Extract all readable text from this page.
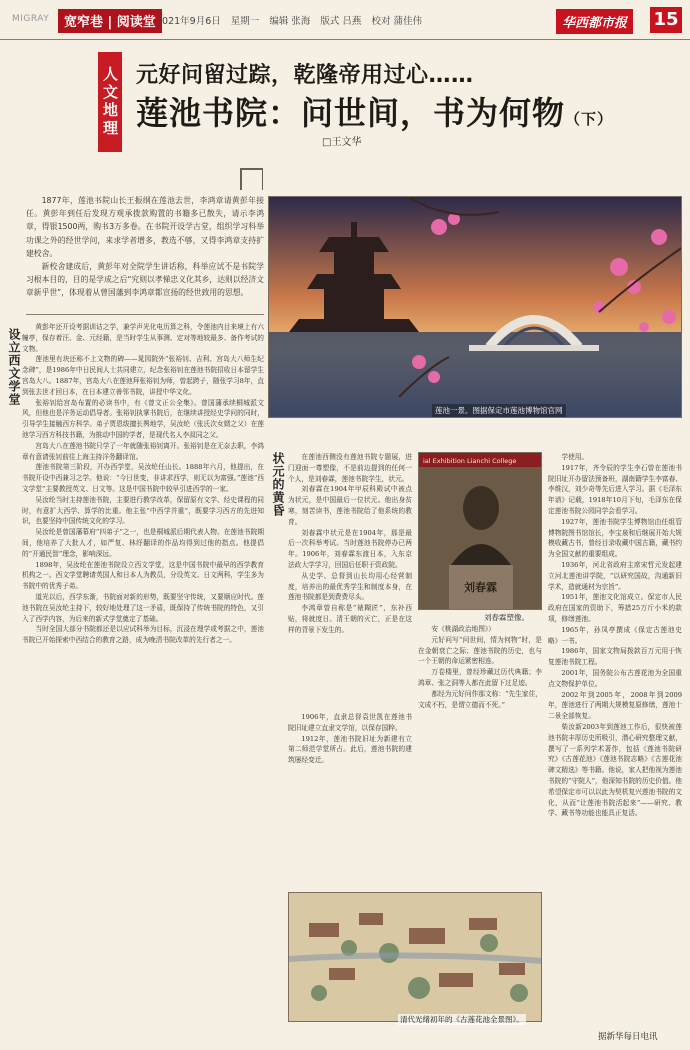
MIGRAY	宽窄巷 | 阅读堂 2021年9月6日 星期一 编辑 张海 版式 吕燕 校对 蒲佳伟	华西都市报	15
人文地理 元好问留过踪，乾隆帝用过心……
莲池书院：问世间，书为何物（下）
□王文华

1877年，莲池书院山长王振纲在莲池去世，李鸿章请黄彭年接任。黄彭年到任后发现方观承拨款购置的书籍多已散失，请示李鸿章，得银1500两，购书3万多卷。在书院开设学古堂，组织学习科举功课之外的经世学问，来求学者增多，教选不够，又得李鸿章支持扩建校舍。

新校舍建成后，黄彭年对全院学生讲话称，科举应试不是书院学习根本目的，目的是学成之后“究则以孝悌忠义化其乡，达则以经济文章新乎世”，体现着从曾国藩到李鸿章都宣扬的经世致用的思想。

设立西文学堂
状元的黄昏

黄彭年还开设考据训诂之学，兼学声光化电历算之科，令莲池内目来境上有六幢亭，保存着汪、金、元经籍，是当时学生从事测、定对等地较最多、备作考试的文物。

莲池里有块还称不上文物的碑——晁园院外“张裕钊、吉利、宫岛大八师生纪念碑”，是1986年中日民间人士共同建立，纪念张裕钊在莲池书院招收日本留学生宫岛大八。1887年，宫岛大八在莲池拜张裕钊为师，曾起跨子，随张学习8年，直到张去世才回日本，在日本建立善邻书院，讲授中华文化。

张裕钊给宫岛布置的必读书中，有《曾文正公全集》。曾国藩承续桐城派文风，但他也是洋务运动倡导者。张裕钊执掌书院后，在继续讲授经史学问的同时，引导学生接触西方科学。弟子贾恩绂擅长舆地学，吴汝纶（张氏次女婿之父）在莲池学习西方科技书籍，为推动中国的学者，是现代名人李叔同之父。

宫岛大八在莲池书院只学了一年就随张裕钊离开。张裕钊是在无奈去职，李鸿章有意请张钊前往上海主持洋务翻译馆。

莲池书院第三阶段，开办西学堂，吴汝纶任山长。1888年六月，他提出，在书院开设中西兼习之学。他说：“今日世变，非讲求西学，则无以为富强。”莲池“西文学堂”主要教授英文、日文等。这是中国书院中较早引进西学的一家。

吴汝纶当时主持莲池书院，主要进行教学改革，保留原有文学、经史课程的同时，有意扩大西学、算学的比重。他主张“中西学并重”，既要学习西方的先进知识，也要坚持中国传统文化的学习。

吴汝纶是曾国藩幕府“四弟子”之一，也是桐城派后期代表人物。在莲池书院期间，他培养了大批人才，如严复、林纾翻译的作品均得到过他的指点。他提倡的“开通民智”理念，影响深远。

1898年，吴汝纶在莲池书院设立西文学堂，这是中国书院中最早的西学教育机构之一。西文学堂聘请英国人和日本人为教员，分设英文、日文两科，学生多为书院中的优秀子弟。

道光以后，西学东渐，书院面对新的形势，既要坚守传统，又要顺应时代。莲池书院在吴汝纶主持下，较好地处理了这一矛盾，既保持了传统书院的特色，又引入了西学内容，为后来的新式学堂奠定了基础。

当时全国大部分书院都还是以应试科举为目标，沉浸在理学或考据之中，莲池书院已开始探索中西结合的教育之路，成为晚清书院改革的先行者之一。

在莲池西侧没有莲池书院专题展，进门迎面一尊塑像，不是前边提到的任何一个人，是刘春霖，莲池书院学生，状元。

刘春霖在1904年甲辰科殿试中被点为状元，是中国最后一位状元。他出身贫寒，刻苦读书，莲池书院给了他系统的教育。

刘春霖中状元是在1904年，那是最后一次科举考试。当时莲池书院停办已两年。1906年，刘春霖东渡日本，入东京法政大学学习，回国后任职于资政院。

从史学、总督到山长均用心经营制度，培养出的最优秀学生和制度本身，在莲池书院都是到费费尽头。

李鸿章曾自称是“裱糊匠”，东补西贴，将就度日。清王朝的灭亡，正是在这样的背景下发生的。	安《桃湖政治地图》）

元好问写“问世间，情为何物”时，是在金朝衰亡之际；莲池书院的历史，也与一个王朝的命运紧密相连。

万卷楼里，曾经珍藏过历代典籍；李鸿章、张之洞等人都在此留下过足迹。

都经为元好问作那文称：“先生家住，文成不朽，是谓立德而不死。”

1906年，直隶总督袁世凯在莲池书院旧址建立直隶文学馆，以保存国粹。

1912年，莲池书院旧址为新建有立第二师范学堂所占。此后，莲池书院的建筑屡经变迁。

学使用。

1917年，齐令辰的学生李石曾在莲池书院旧址开办留法预备班，湖南籍学生李富春、李维汉，刘少奇等先后进入学习。据《毛泽东年谱》记载，1918年10月下旬，毛泽东在保定莲池书院公园同学会看学习。

1927年，莲池书院学生博物馆由任组管博物院图书馆馆长，李宝泉和后继展开始大规模收藏古书，曾经目录收藏中国古籍，藏书约为全国文献的重要组成。

1936年，河北省政府主席宋哲元发起建立河北莲池讲学院，“以研究国故，沟通新旧学术，造就通材为宗旨”。

1951年，莲池文化馆成立。保定市人民政府在国家的资助下，筹措25万斤小米的款项，修缮莲池。

1965年，孙凤亭撰成《保定古莲池史略》一书。

1986年，国家文物局拨款百万元用于恢复莲池书院工程。

2001年，国务院公布古莲花池为全国重点文物保护单位。

2002年到2005年，2008年到2009年，莲池进行了两期大规模复原修缮，莲池十二景全部恢复。

柴汝新2003年到莲池工作后，很快被莲池书院丰厚历史所吸引，潜心研究整理文献，撰写了一系列学术著作，包括《莲池书院研究》《古莲花池》《莲池书院志略》《古莲花池碑文精选》等书籍。他说，家人把他视为莲池书院的“守院人”，他深知书院的历史价值。他希望保定市可以以此为契机复兴莲池书院的文化，从而“让莲池书院活起来”——研究、教学、藏书等功能也能具正复活。

莲池一景。图据保定市莲池博物馆官网
ial Exhibition Lianchi College
刘春霖
刘春霖塑像。
清代光绪初年的《古莲花池全景图》。
据新华每日电讯
